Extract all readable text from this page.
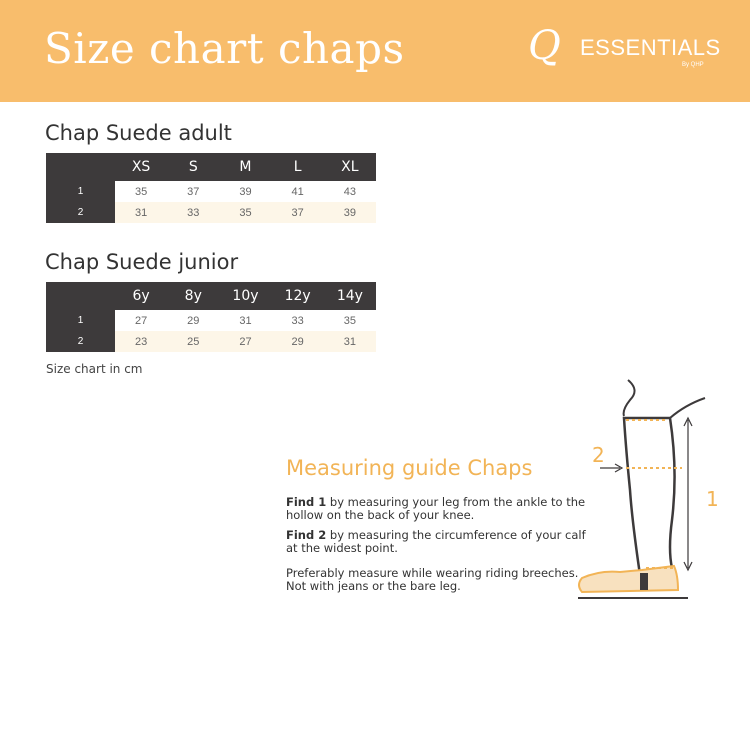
Size chart chaps	Q ESSENTIALS
By QHP
Chap Suede adult
	XS	S	M	L	XL
1	35	37	39	41	43
2	31	33	35	37	39
Chap Suede junior
	6y	8y	10y	12y	14y
1	27	29	31	33	35
2	23	25	27	29	31
Size chart in cm
Measuring guide Chaps
Find 1 by measuring your leg from the ankle to the hollow on the back of your knee.
Find 2 by measuring the circumference of your calf at the widest point.
Preferably measure while wearing riding breeches. Not with jeans or the bare leg.
2
1
